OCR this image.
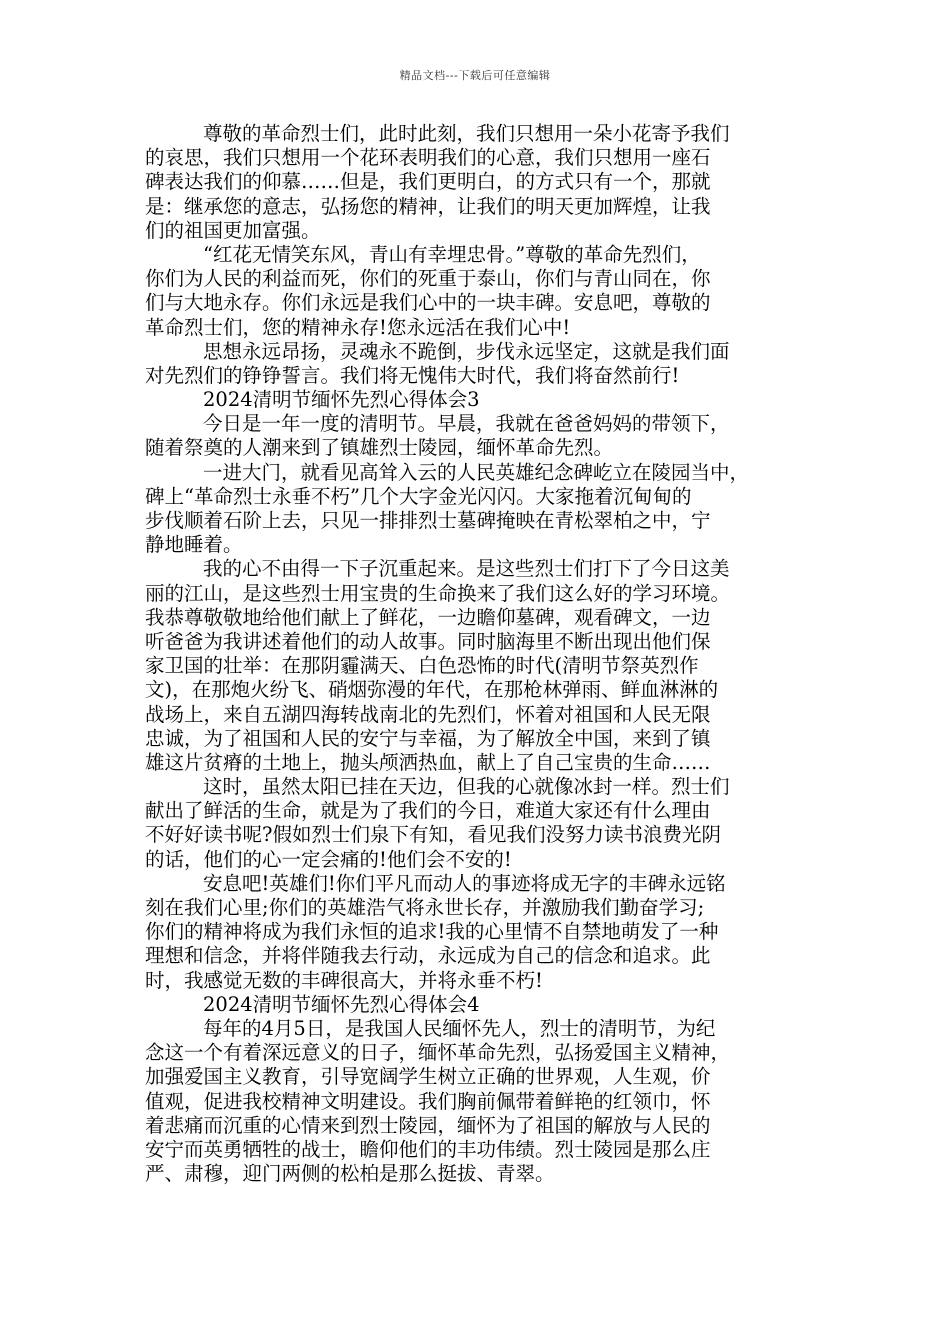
精品文档---下载后可任意编辑
尊敬的革命烈士们，此时此刻，我们只想用一朵小花寄予我们
的哀思，我们只想用一个花环表明我们的心意，我们只想用一座石
碑表达我们的仰慕……但是，我们更明白，的方式只有一个，那就
是：继承您的意志，弘扬您的精神，让我们的明天更加辉煌，让我
们的祖国更加富强。
“红花无情笑东风，青山有幸埋忠骨。”尊敬的革命先烈们，
你们为人民的利益而死，你们的死重于泰山，你们与青山同在，你
们与大地永存。你们永远是我们心中的一块丰碑。安息吧，尊敬的
革命烈士们，您的精神永存!您永远活在我们心中!
思想永远昂扬，灵魂永不跪倒，步伐永远坚定，这就是我们面
对先烈们的铮铮誓言。我们将无愧伟大时代，我们将奋然前行!
2024清明节缅怀先烈心得体会3
今日是一年一度的清明节。早晨，我就在爸爸妈妈的带领下，
随着祭奠的人潮来到了镇雄烈士陵园，缅怀革命先烈。
一进大门，就看见高耸入云的人民英雄纪念碑屹立在陵园当中，
碑上“革命烈士永垂不朽”几个大字金光闪闪。大家拖着沉甸甸的
步伐顺着石阶上去，只见一排排烈士墓碑掩映在青松翠柏之中，宁
静地睡着。
我的心不由得一下子沉重起来。是这些烈士们打下了今日这美
丽的江山，是这些烈士用宝贵的生命换来了我们这么好的学习环境。
我恭尊敬敬地给他们献上了鲜花，一边瞻仰墓碑，观看碑文，一边
听爸爸为我讲述着他们的动人故事。同时脑海里不断出现出他们保
家卫国的壮举：在那阴霾满天、白色恐怖的时代(清明节祭英烈作
文)，在那炮火纷飞、硝烟弥漫的年代，在那枪林弹雨、鲜血淋淋的
战场上，来自五湖四海转战南北的先烈们，怀着对祖国和人民无限
忠诚，为了祖国和人民的安宁与幸福，为了解放全中国，来到了镇
雄这片贫瘠的土地上，抛头颅洒热血，献上了自己宝贵的生命……
这时，虽然太阳已挂在天边，但我的心就像冰封一样。烈士们
献出了鲜活的生命，就是为了我们的今日，难道大家还有什么理由
不好好读书呢?假如烈士们泉下有知，看见我们没努力读书浪费光阴
的话，他们的心一定会痛的!他们会不安的!
安息吧!英雄们!你们平凡而动人的事迹将成无字的丰碑永远铭
刻在我们心里;你们的英雄浩气将永世长存，并激励我们勤奋学习;
你们的精神将成为我们永恒的追求!我的心里情不自禁地萌发了一种
理想和信念，并将伴随我去行动，永远成为自己的信念和追求。此
时，我感觉无数的丰碑很高大，并将永垂不朽!
2024清明节缅怀先烈心得体会4
每年的4月5日，是我国人民缅怀先人，烈士的清明节，为纪
念这一个有着深远意义的日子，缅怀革命先烈，弘扬爱国主义精神，
加强爱国主义教育，引导宽阔学生树立正确的世界观，人生观，价
值观，促进我校精神文明建设。我们胸前佩带着鲜艳的红领巾，怀
着悲痛而沉重的心情来到烈士陵园，缅怀为了祖国的解放与人民的
安宁而英勇牺牲的战士，瞻仰他们的丰功伟绩。烈士陵园是那么庄
严、肃穆，迎门两侧的松柏是那么挺拔、青翠。
